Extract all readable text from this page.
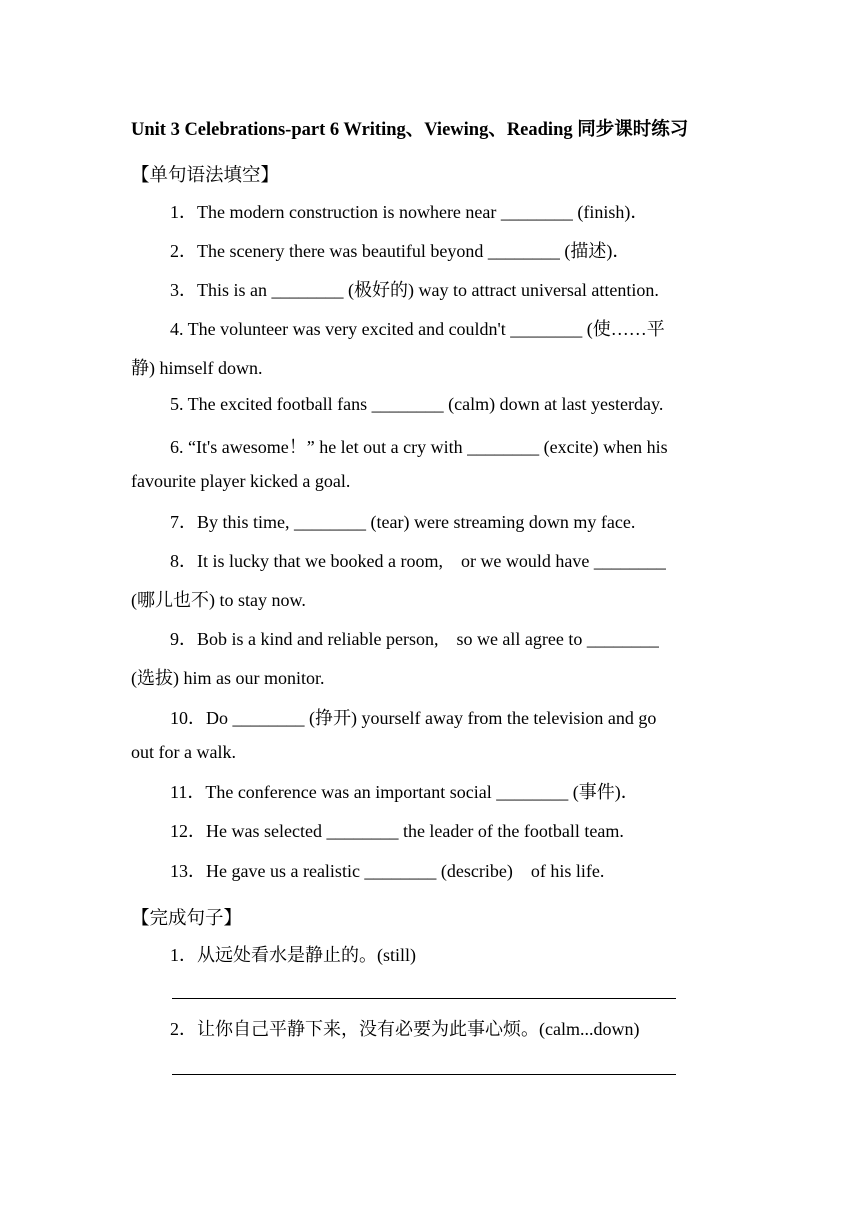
Unit 3 Celebrations-part 6 Writing、Viewing、Reading 同步课时练习
【单句语法填空】
1．The modern construction is nowhere near ________ (finish)．
2．The scenery there was beautiful beyond ________ (描述)．
3．This is an ________ (极好的) way to attract universal attention.
4. The volunteer was very excited and couldn't ________ (使……平
静) himself down.
5. The excited football fans ________ (calm) down at last yesterday.
6. “It's awesome！” he let out a cry with ________ (excite) when his
favourite player kicked a goal.
7．By this time, ________ (tear) were streaming down my face.
8．It is lucky that we booked a room,　or we would have ________
(哪儿也不) to stay now.
9．Bob is a kind and reliable person,　so we all agree to ________
(选拔) him as our monitor.
10．Do ________ (挣开) yourself away from the television and go
out for a walk.
11．The conference was an important social ________ (事件)．
12．He was selected ________ the leader of the football team.
13．He gave us a realistic ________ (describe)　of his life.
【完成句子】
1．从远处看水是静止的。(still)
2．让你自己平静下来，没有必要为此事心烦。(calm...down)
